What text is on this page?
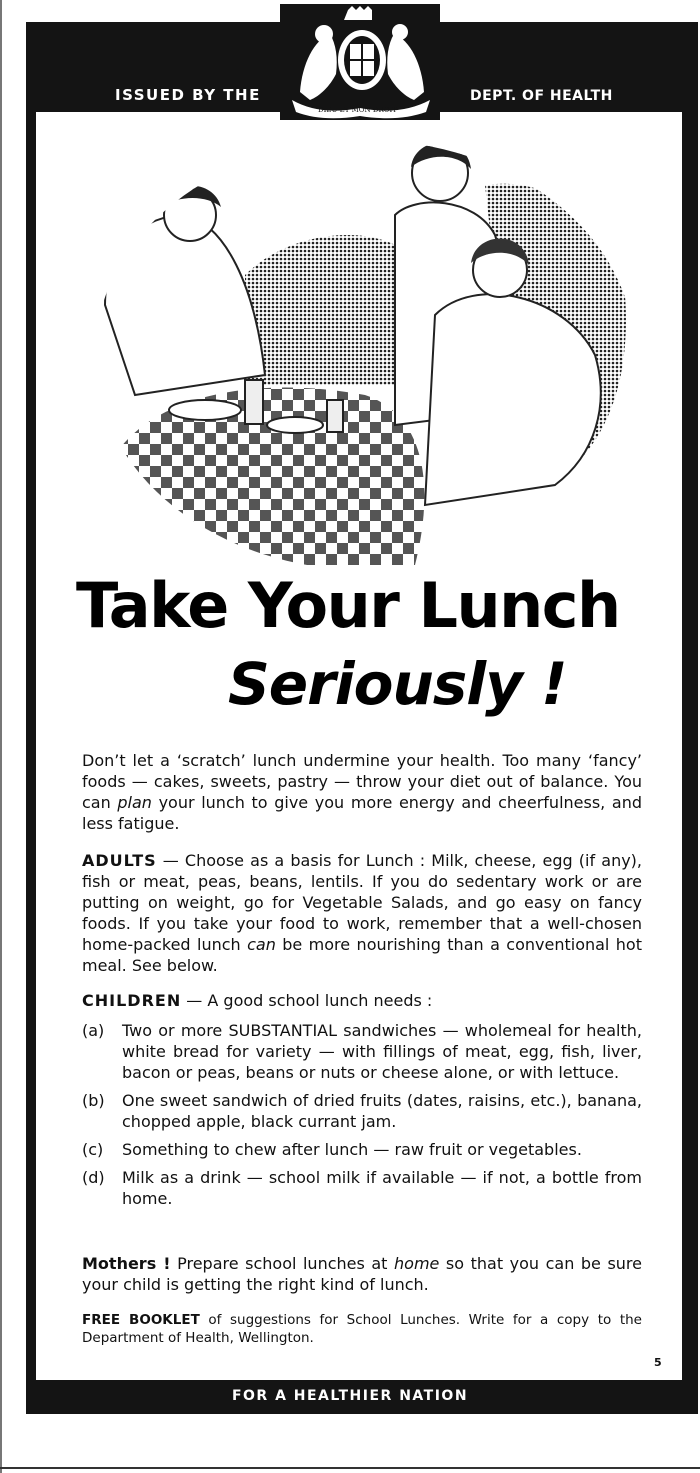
ISSUED BY THE	DEPT. OF HEALTH
DIEU ET MON DROIT
Take Your Lunch
Seriously !

Don’t let a ‘scratch’ lunch undermine your health. Too many ‘fancy’ foods — cakes, sweets, pastry — throw your diet out of balance. You can plan your lunch to give you more energy and cheerfulness, and less fatigue.

ADULTS — Choose as a basis for Lunch : Milk, cheese, egg (if any), fish or meat, peas, beans, lentils. If you do sedentary work or are putting on weight, go for Vegetable Salads, and go easy on fancy foods. If you take your food to work, remember that a well-chosen home-packed lunch can be more nourishing than a conventional hot meal. See below.

CHILDREN — A good school lunch needs :

(a)	Two or more SUBSTANTIAL sandwiches — wholemeal for health, white bread for variety — with fillings of meat, egg, fish, liver, bacon or peas, beans or nuts or cheese alone, or with lettuce.
(b)	One sweet sandwich of dried fruits (dates, raisins, etc.), banana, chopped apple, black currant jam.
(c)	Something to chew after lunch — raw fruit or vegetables.
(d)	Milk as a drink — school milk if available — if not, a bottle from home.

Mothers ! Prepare school lunches at home so that you can be sure your child is getting the right kind of lunch.

FREE BOOKLET of suggestions for School Lunches. Write for a copy to the Department of Health, Wellington.

5
FOR A HEALTHIER NATION
